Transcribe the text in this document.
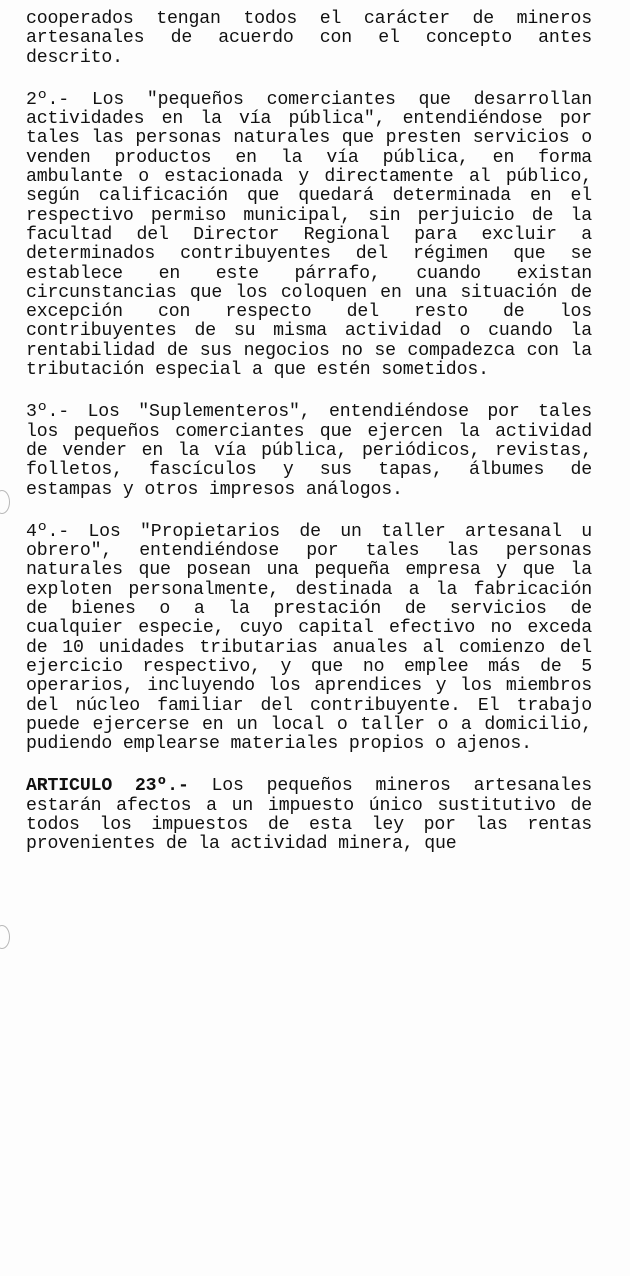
cooperados tengan todos el carácter de mineros artesanales de acuerdo con el concepto antes descrito.

2º.- Los "pequeños comerciantes que desarrollan actividades en la vía pública", entendiéndose por tales las personas naturales que presten servicios o venden productos en la vía pública, en forma ambulante o estacionada y directamente al público, según calificación que quedará determinada en el respectivo permiso municipal, sin perjuicio de la facultad del Director Regional para excluir a determinados contribuyentes del régimen que se establece en este párrafo, cuando existan circunstancias que los coloquen en una situación de excepción con respecto del resto de los contribuyentes de su misma actividad o cuando la rentabilidad de sus negocios no se compadezca con la tributación especial a que estén sometidos.

3º.- Los "Suplementeros", entendiéndose por tales los pequeños comerciantes que ejercen la actividad de vender en la vía pública, periódicos, revistas, folletos, fascículos y sus tapas, álbumes de estampas y otros impresos análogos.

4º.- Los "Propietarios de un taller artesanal u obrero", entendiéndose por tales las personas naturales que posean una pequeña empresa y que la exploten personalmente, destinada a la fabricación de bienes o a la prestación de servicios de cualquier especie, cuyo capital efectivo no exceda de 10 unidades tributarias anuales al comienzo del ejercicio respectivo, y que no emplee más de 5 operarios, incluyendo los aprendices y los miembros del núcleo familiar del contribuyente. El trabajo puede ejercerse en un local o taller o a domicilio, pudiendo emplearse materiales propios o ajenos.

ARTICULO 23º.- Los pequeños mineros artesanales estarán afectos a un impuesto único sustitutivo de todos los impuestos de esta ley por las rentas provenientes de la actividad minera, que
